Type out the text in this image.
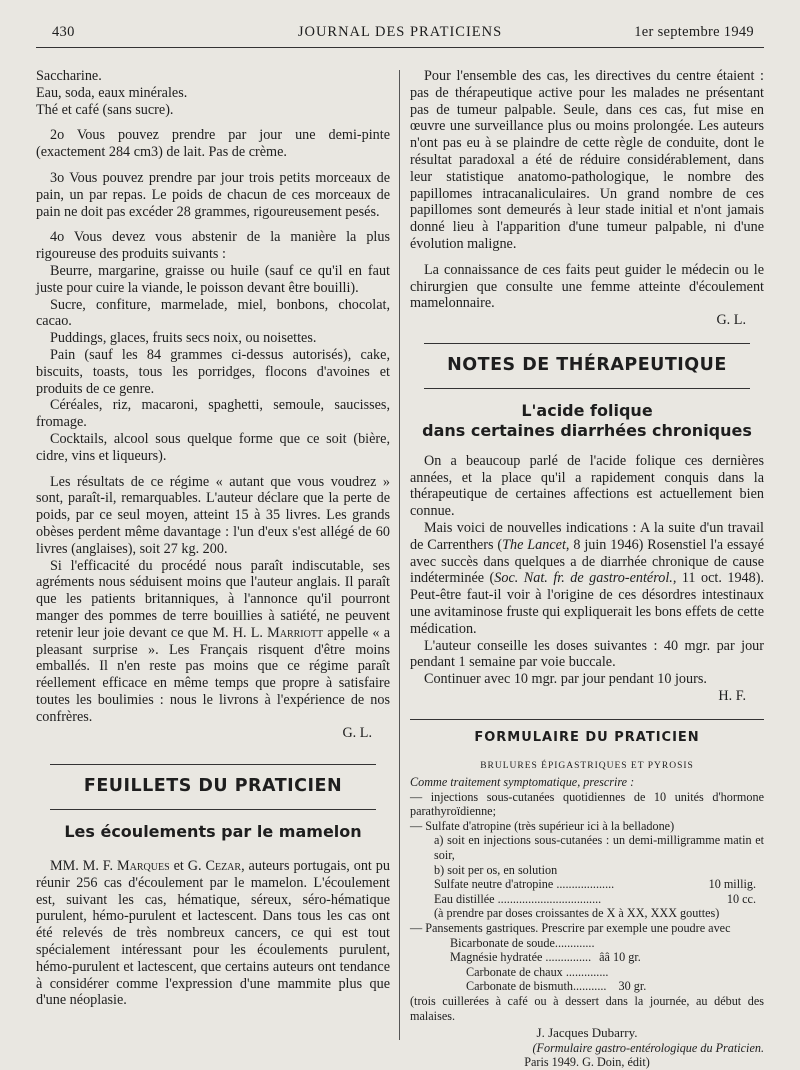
430	JOURNAL DES PRATICIENS	1er septembre 1949

Saccharine.

Eau, soda, eaux minérales.

Thé et café (sans sucre).

2o Vous pouvez prendre par jour une demi-pinte (exactement 284 cm3) de lait. Pas de crème.

3o Vous pouvez prendre par jour trois petits morceaux de pain, un par repas. Le poids de chacun de ces morceaux de pain ne doit pas excéder 28 grammes, rigoureusement pesés.

4o Vous devez vous abstenir de la manière la plus rigoureuse des produits suivants :

Beurre, margarine, graisse ou huile (sauf ce qu'il en faut juste pour cuire la viande, le poisson devant être bouilli).

Sucre, confiture, marmelade, miel, bonbons, chocolat, cacao.

Puddings, glaces, fruits secs noix, ou noisettes.

Pain (sauf les 84 grammes ci-dessus autorisés), cake, biscuits, toasts, tous les porridges, flocons d'avoines et produits de ce genre.

Céréales, riz, macaroni, spaghetti, semoule, saucisses, fromage.

Cocktails, alcool sous quelque forme que ce soit (bière, cidre, vins et liqueurs).

Les résultats de ce régime « autant que vous voudrez » sont, paraît-il, remarquables. L'auteur déclare que la perte de poids, par ce seul moyen, atteint 15 à 35 livres. Les grands obèses perdent même davantage : l'un d'eux s'est allégé de 60 livres (anglaises), soit 27 kg. 200.

Si l'efficacité du procédé nous paraît indiscutable, ses agréments nous séduisent moins que l'auteur anglais. Il paraît que les patients britanniques, à l'annonce qu'il pourront manger des pommes de terre bouillies à satiété, ne peuvent retenir leur joie devant ce que M. H. L. Marriott appelle « a pleasant surprise ». Les Français risquent d'être moins emballés. Il n'en reste pas moins que ce régime paraît réellement efficace en même temps que propre à satisfaire toutes les boulimies : nous le livrons à l'expérience de nos confrères.

G. L.

FEUILLETS DU PRATICIEN
Les écoulements par le mamelon

MM. M. F. Marques et G. Cezar, auteurs portugais, ont pu réunir 256 cas d'écoulement par le mamelon. L'écoulement est, suivant les cas, hématique, séreux, séro-hématique purulent, hémo-purulent et lactescent. Dans tous les cas ont été relevés de très nombreux cancers, ce qui est tout spécialement intéressant pour les écoulements purulent, hémo-purulent et lactescent, que certains auteurs ont tendance à considérer comme l'expression d'une mammite plus que d'une néoplasie.

Pour l'ensemble des cas, les directives du centre étaient : pas de thérapeutique active pour les malades ne présentant pas de tumeur palpable. Seule, dans ces cas, fut mise en œuvre une surveillance plus ou moins prolongée. Les auteurs n'ont pas eu à se plaindre de cette règle de conduite, dont le résultat paradoxal a été de réduire considérablement, dans leur statistique anatomo-pathologique, le nombre des papillomes intracanaliculaires. Un grand nombre de ces papillomes sont demeurés à leur stade initial et n'ont jamais donné lieu à l'apparition d'une tumeur palpable, ni d'une évolution maligne.

La connaissance de ces faits peut guider le médecin ou le chirurgien que consulte une femme atteinte d'écoulement mamelonnaire.

G. L.

NOTES DE THÉRAPEUTIQUE
L'acide folique
dans certaines diarrhées chroniques

On a beaucoup parlé de l'acide folique ces dernières années, et la place qu'il a rapidement conquis dans la thérapeutique de certaines affections est actuellement bien connue.

Mais voici de nouvelles indications : A la suite d'un travail de Carrenthers (The Lancet, 8 juin 1946) Rosenstiel l'a essayé avec succès dans quelques a de diarrhée chronique de cause indéterminée (Soc. Nat. fr. de gastro-entérol., 11 oct. 1948). Peut-être faut-il voir à l'origine de ces désordres intestinaux une avitaminose fruste qui expliquerait les bons effets de cette médication.

L'auteur conseille les doses suivantes : 40 mgr. par jour pendant 1 semaine par voie buccale.

Continuer avec 10 mgr. par jour pendant 10 jours.

H. F.

FORMULAIRE DU PRATICIEN
BRULURES ÉPIGASTRIQUES ET PYROSIS
Comme traitement symptomatique, prescrire :
— injections sous-cutanées quotidiennes de 10 unités d'hormone parathyroïdienne;
— Sulfate d'atropine (très supérieur ici à la belladone)
a) soit en injections sous-cutanées : un demi-milligramme matin et soir,
b) soit per os, en solution
Sulfate neutre d'atropine ...................	10 millig.
Eau distillée ..................................	10 cc.
(à prendre par doses croissantes de X à XX, XXX gouttes)
— Pansements gastriques. Prescrire par exemple une poudre avec
Bicarbonate de soude.............
Magnésie hydratée ............... ââ 10 gr.
Carbonate de chaux ..............
Carbonate de bismuth........... 30 gr.
(trois cuillerées à café ou à dessert dans la journée, au début des malaises.
J. Jacques Dubarry.
(Formulaire gastro-entérologique du Praticien.
Paris 1949. G. Doin, édit)
